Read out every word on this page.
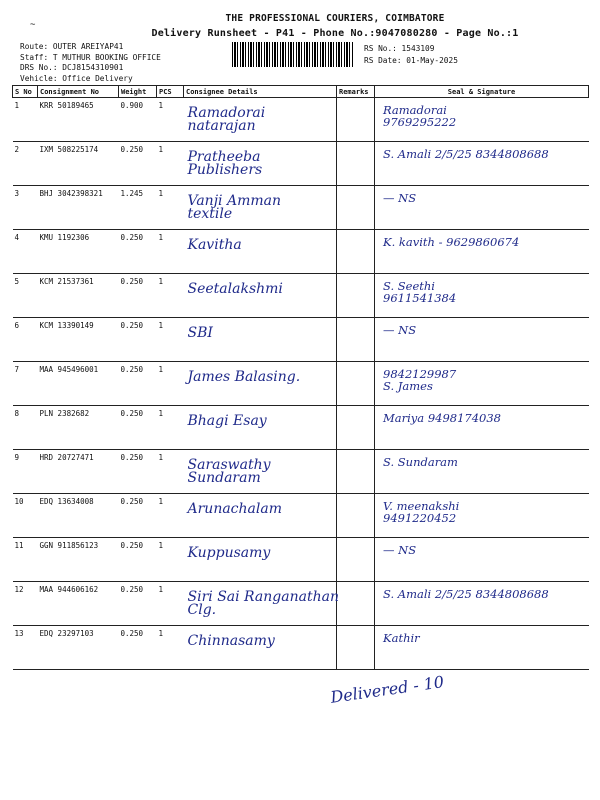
~
THE PROFESSIONAL COURIERS, COIMBATORE
Delivery Runsheet - P41 - Phone No.:9047080280 - Page No.:1
Route: OUTER AREIYAP41
Staff: T MUTHUR BOOKING OFFICE
DRS No.: DCJ8154310901
Vehicle: Office Delivery
RS No.: 1543109
RS Date: 01-May-2025
S No	Consignment No	Weight	PCS	Consignee Details	Remarks	Seal & Signature
1	KRR 50189465	0.900	1	Ramadorai
natarajan		Ramadorai
9769295222

2	IXM 508225174	0.250	1	Pratheeba
Publishers		S. Amali 2/5/25 8344808688

3	BHJ 3042398321	1.245	1	Vanji Amman
textile		— NS

4	KMU 1192306	0.250	1	Kavitha		K. kavith - 9629860674

5	KCM 21537361	0.250	1	Seetalakshmi		S. Seethi
9611541384

6	KCM 13390149	0.250	1	SBI		— NS

7	MAA 945496001	0.250	1	James Balasing.		9842129987
S. James

8	PLN 2382682	0.250	1	Bhagi Esay		Mariya 9498174038

9	HRD 20727471	0.250	1	Saraswathy
Sundaram		S. Sundaram

10	EDQ 13634008	0.250	1	Arunachalam		V. meenakshi
9491220452

11	GGN 911856123	0.250	1	Kuppusamy		— NS

12	MAA 944606162	0.250	1	Siri Sai Ranganathan
Clg.		S. Amali 2/5/25 8344808688

13	EDQ 23297103	0.250	1	Chinnasamy		Kathir
Delivered - 10
